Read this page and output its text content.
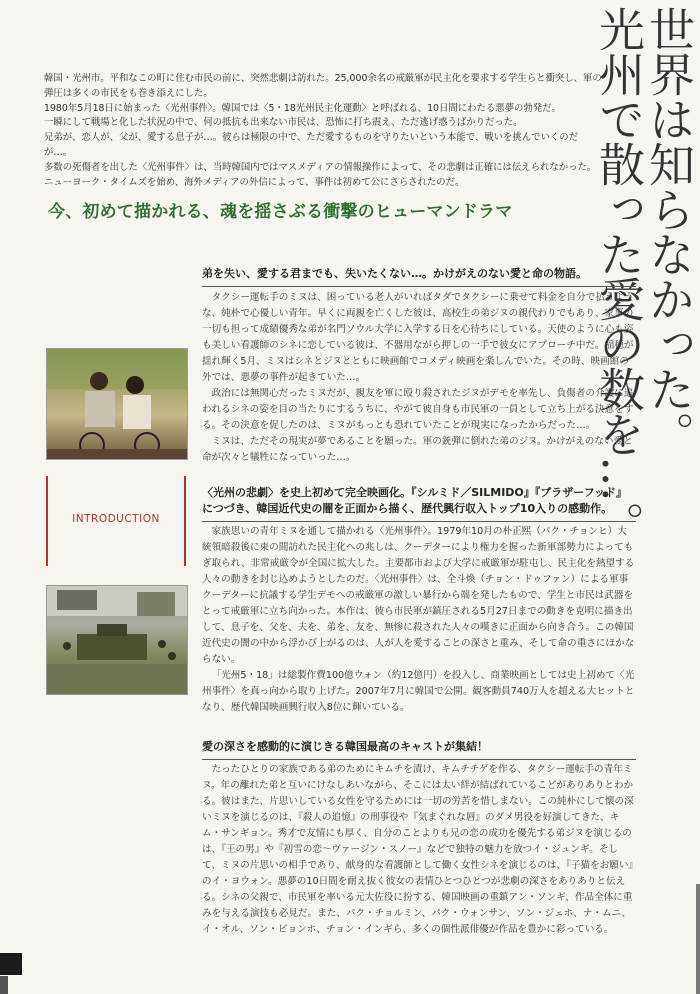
韓国・光州市。平和なこの町に住む市民の前に、突然悲劇は訪れた。25,000余名の戒厳軍が民主化を要求する学生らと衝突し、軍の弾圧は多くの市民をも巻き添えにした。

1980年5月18日に始まった〈光州事件〉。韓国では〈5・18光州民主化運動〉と呼ばれる、10日間にわたる悪夢の勃発だ。

一瞬にして戦場と化した状況の中で、何の抵抗も出来ない市民は、恐怖に打ち震え、ただ逃げ惑うばかりだった。

兄弟が、恋人が、父が、愛する息子が…。彼らは極限の中で、ただ愛するものを守りたいという本能で、戦いを挑んでいくのだが…。

多数の死傷者を出した〈光州事件〉は、当時韓国内ではマスメディアの情報操作によって、その悲劇は正確には伝えられなかった。

ニューヨーク・タイムズを始め、海外メディアの外信によって、事件は初めて公にさらされたのだ。

今、初めて描かれる、魂を揺さぶる衝撃のヒューマンドラマ	世界は知らなかった。
光州で散った愛の数を…。
INTRODUCTION
弟を失い、愛する君までも、失いたくない…。かけがえのない愛と命の物語。

タクシー運転手のミヌは、困っている老人がいればタダでタクシーに乗せて料金を自分で払うような、純朴で心優しい青年。早くに両親を亡くした彼は、高校生の弟ジヌの親代わりでもあり、家事の一切も担って成績優秀な弟が名門ソウル大学に入学する日を心待ちにしている。天使のように心も姿も美しい看護師のシネに恋している彼は、不器用ながら押しの一手で彼女にアプローチ中だ。稲穂が揺れ輝く5月、ミヌはシネとジヌとともに映画館でコメディ映画を楽しんでいた。その時、映画館の外では、悪夢の事件が起きていた…。

政治には無関心だったミヌだが、親友を軍に殴り殺されたジヌがデモを率先し、負傷者の介護に追われるシネの姿を目の当たりにするうちに、やがて彼自身も市民軍の一員として立ち上がる決意をする。その決意を促したのは、ミヌがもっとも恐れていたことが現実になったからだった…。

ミヌは、ただその現実が夢であることを願った。軍の銃弾に倒れた弟のジヌ。かけがえのない愛と命が次々と犠牲になっていった…。

〈光州の悲劇〉を史上初めて完全映画化。『シルミド／SILMIDO』『ブラザーフッド』
につづき、韓国近代史の闇を正面から描く、歴代興行収入トップ10入りの感動作。

家族思いの青年ミヌを通して描かれる〈光州事件〉。1979年10月の朴正熙（パク・チョンヒ）大統領暗殺後に束の間訪れた民主化への兆しは、クーデターにより権力を握った新軍部勢力によってもぎ取られ、非常戒厳令が全国に拡大した。主要都市および大学に戒厳軍が駐屯し、民主化を熱望する人々の動きを封じ込めようとしたのだ。〈光州事件〉は、全斗煥（チョン・ドゥファン）による軍事クーデターに抗議する学生デモへの戒厳軍の激しい暴行から端を発したもので、学生と市民は武器をとって戒厳軍に立ち向かった。本作は、彼ら市民軍が鎮圧される5月27日までの動きを克明に描き出して、息子を、父を、夫を、弟を、友を、無惨に殺された人々の嘆きに正面から向き合う。この韓国近代史の闇の中から浮かび上がるのは、人が人を愛することの深さと重み、そして命の重さにほかならない。

「光州5・18」は総製作費100億ウォン（約12億円）を投入し、商業映画としては史上初めて〈光州事件〉を真っ向から取り上げた。2007年7月に韓国で公開。観客動員740万人を超える大ヒットとなり、歴代韓国映画興行収入8位に輝いている。

愛の深さを感動的に演じきる韓国最高のキャストが集結！

たったひとりの家族である弟のためにキムチを漬け、キムチチゲを作る、タクシー運転手の青年ミヌ。年の離れた弟と互いにけなしあいながら、そこには太い絆が結ばれているこどがありありとわかる。彼はまた、片思いしている女性を守るためには一切の労苦を惜しまない。この純朴にして懐の深いミヌを演じるのは、『殺人の追憶』の刑事役や『気まぐれな唇』のダメ男役を好演してきた、キム・サンギョン。秀才で友情にも厚く、自分のことよりも兄の恋の成功を優先する弟ジヌを演じるのは、『王の男』や『初雪の恋～ヴァージン・スノー』などで独特の魅力を放つイ・ジュンギ。そして、ミヌの片思いの相手であり、献身的な看護師として働く女性シネを演じるのは、『子猫をお願い』のイ・ヨウォン。悪夢の10日間を耐え抜く彼女の表情ひとつひとつが悲劇の深さをありありと伝える。シネの父親で、市民軍を率いる元大佐役に扮する、韓国映画の重鎮アン・ソンギ、作品全体に重みを与える演技も必見だ。また、パク・チョルミン、パク・ウォンサン、ソン・ジェホ、ナ・ムニ、イ・オル、ソン・ビョンホ、チョン・インギら、多くの個性派俳優が作品を豊かに彩っている。
